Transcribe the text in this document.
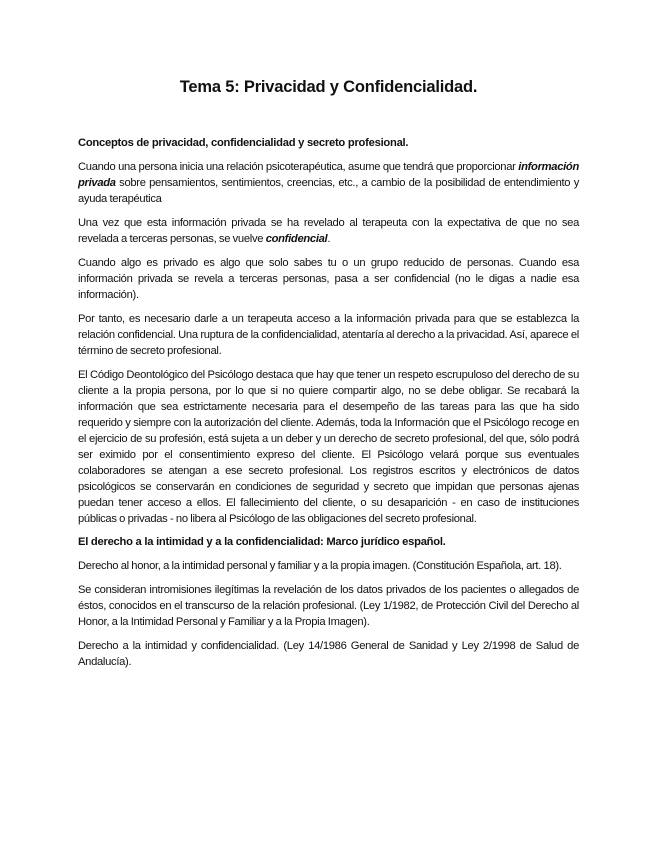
Tema 5: Privacidad y Confidencialidad.

Conceptos de privacidad, confidencialidad y secreto profesional.

Cuando una persona inicia una relación psicoterapéutica, asume que tendrá que proporcionar información privada sobre pensamientos, sentimientos, creencias, etc., a cambio de la posibilidad de entendimiento y ayuda terapéutica

Una vez que esta información privada se ha revelado al terapeuta con la expectativa de que no sea revelada a terceras personas, se vuelve confidencial.

Cuando algo es privado es algo que solo sabes tu o un grupo reducido de personas. Cuando esa información privada se revela a terceras personas, pasa a ser confidencial (no le digas a nadie esa información).

Por tanto, es necesario darle a un terapeuta acceso a la información privada para que se establezca la relación confidencial. Una ruptura de la confidencialidad, atentaría al derecho a la privacidad. Así, aparece el término de secreto profesional.

El Código Deontológico del Psicólogo destaca que hay que tener un respeto escrupuloso del derecho de su cliente a la propia persona, por lo que si no quiere compartir algo, no se debe obligar. Se recabará la información que sea estrictamente necesaria para el desempeño de las tareas para las que ha sido requerido y siempre con la autorización del cliente. Además, toda la Información que el Psicólogo recoge en el ejercicio de su profesión, está sujeta a un deber y un derecho de secreto profesional, del que, sólo podrá ser eximido por el consentimiento expreso del cliente. El Psicólogo velará porque sus eventuales colaboradores se atengan a ese secreto profesional. Los registros escritos y electrónicos de datos psicológicos se conservarán en condiciones de seguridad y secreto que impidan que personas ajenas puedan tener acceso a ellos. El fallecimiento del cliente, o su desaparición - en caso de instituciones públicas o privadas - no libera al Psicólogo de las obligaciones del secreto profesional.

El derecho a la intimidad y a la confidencialidad: Marco jurídico español.

Derecho al honor, a la intimidad personal y familiar y a la propia imagen. (Constitución Española, art. 18).

Se consideran intromisiones ilegítimas la revelación de los datos privados de los pacientes o allegados de éstos, conocidos en el transcurso de la relación profesional. (Ley 1/1982, de Protección Civil del Derecho al Honor, a la Intimidad Personal y Familiar y a la Propia Imagen).

Derecho a la intimidad y confidencialidad. (Ley 14/1986 General de Sanidad y Ley 2/1998 de Salud de Andalucía).
